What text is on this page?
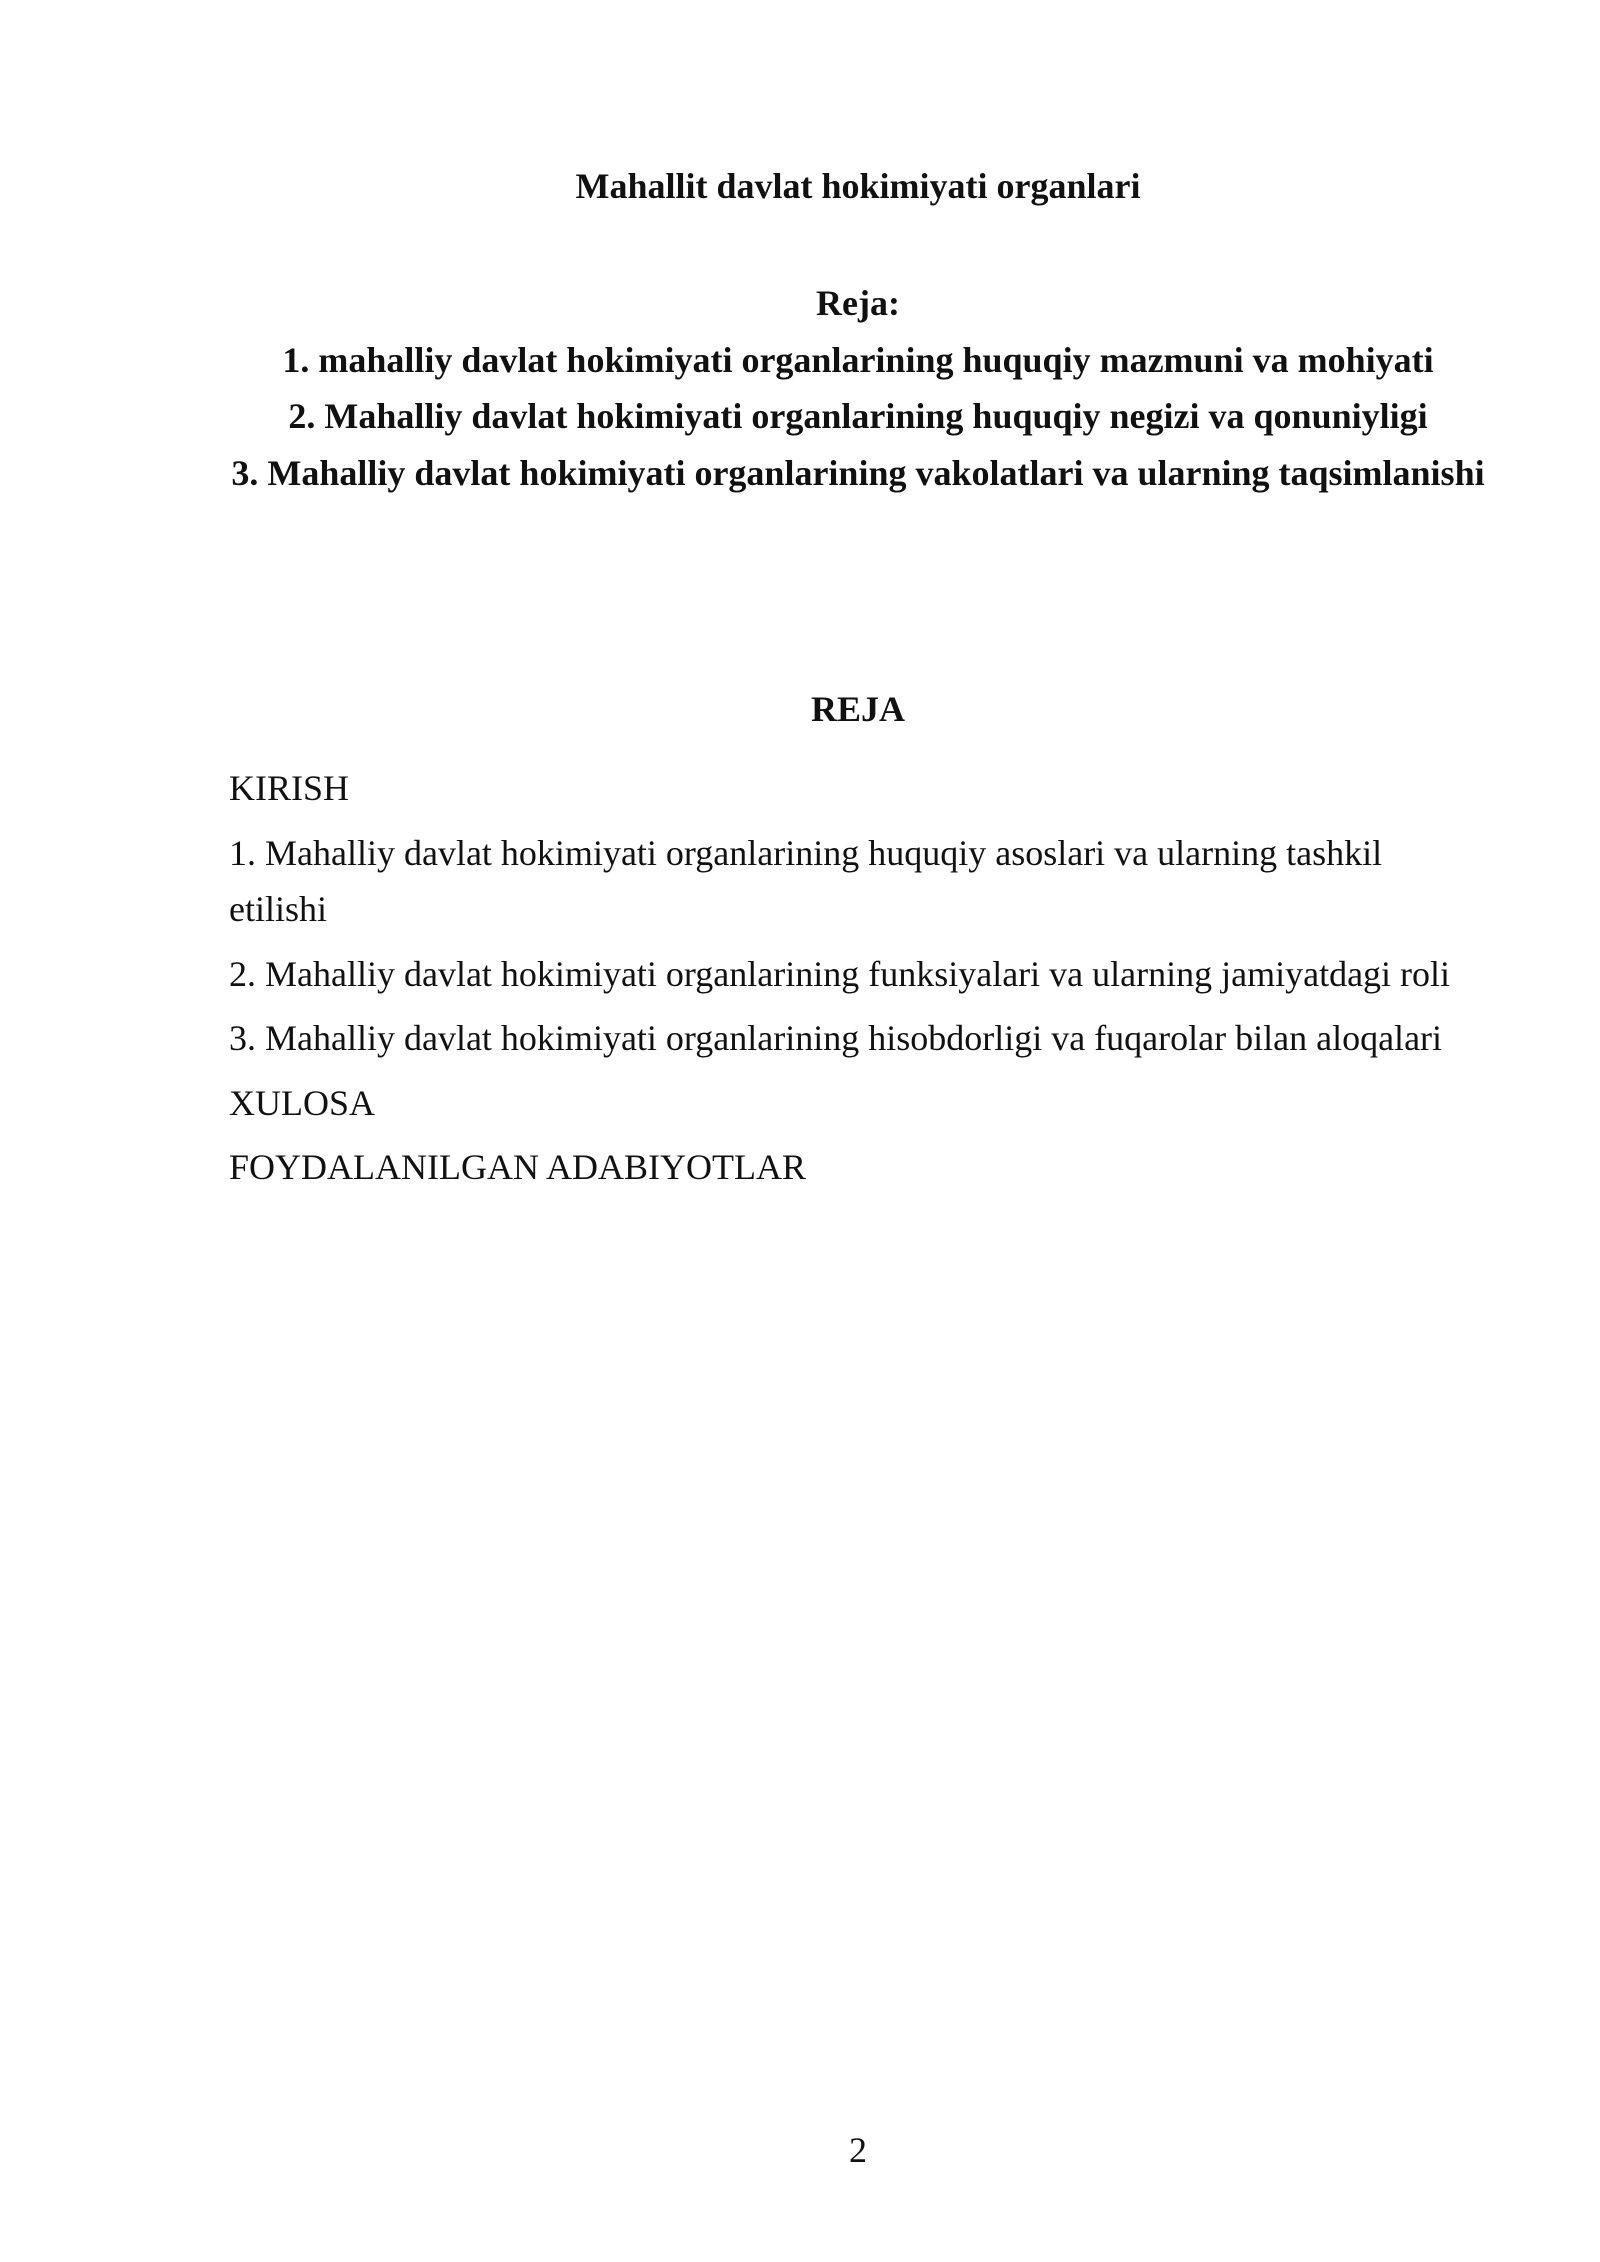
Mahallit davlat hokimiyati organlari
Reja:
1. mahalliy davlat hokimiyati organlarining huquqiy mazmuni va mohiyati
2. Mahalliy davlat hokimiyati organlarining huquqiy negizi va qonuniyligi
3. Mahalliy davlat hokimiyati organlarining vakolatlari va ularning taqsimlanishi
REJA

KIRISH

1. Mahalliy davlat hokimiyati organlarining huquqiy asoslari va ularning tashkil etilishi

2. Mahalliy davlat hokimiyati organlarining funksiyalari va ularning jamiyatdagi roli

3. Mahalliy davlat hokimiyati organlarining hisobdorligi va fuqarolar bilan aloqalari

XULOSA

FOYDALANILGAN ADABIYOTLAR

2
